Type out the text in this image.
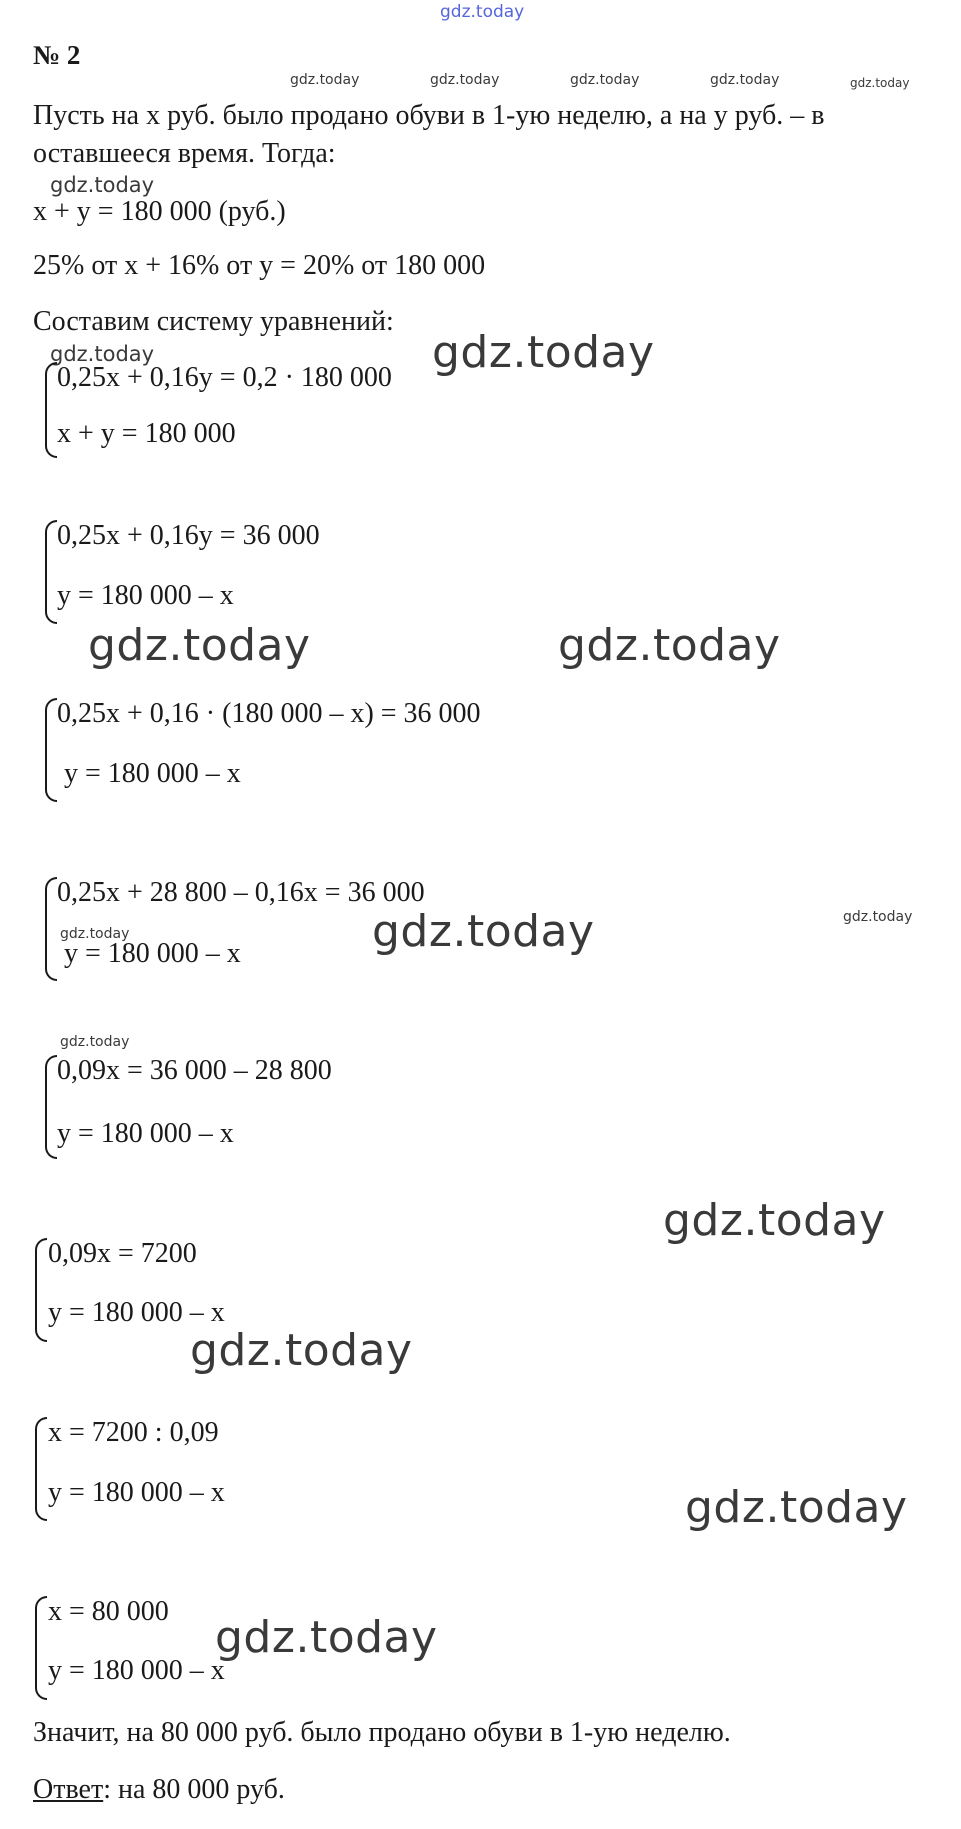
gdz.today
№ 2
gdz.today	gdz.today	gdz.today	gdz.today	gdz.today
Пусть на х руб. было продано обуви в 1-ую неделю, а на у руб. – в
оставшееся время. Тогда:
gdz.today
х + у = 180 000 (руб.)
25% от х + 16% от у = 20% от 180 000
Составим систему уравнений:
gdz.today	gdz.today
0,25х + 0,16у = 0,2 · 180 000
х + у = 180 000
0,25х + 0,16у = 36 000
у = 180 000 – х
gdz.today	gdz.today
0,25х + 0,16 · (180 000 – х) = 36 000
у = 180 000 – х
0,25х + 28 800 – 0,16х = 36 000
gdz.today	gdz.today	gdz.today
у = 180 000 – х
gdz.today
0,09х = 36 000 – 28 800
у = 180 000 – х
gdz.today
0,09х = 7200
у = 180 000 – х
gdz.today
х = 7200 : 0,09
у = 180 000 – х	gdz.today
х = 80 000
gdz.today
у = 180 000 – х
Значит, на 80 000 руб. было продано обуви в 1-ую неделю.
Ответ: на 80 000 руб.
